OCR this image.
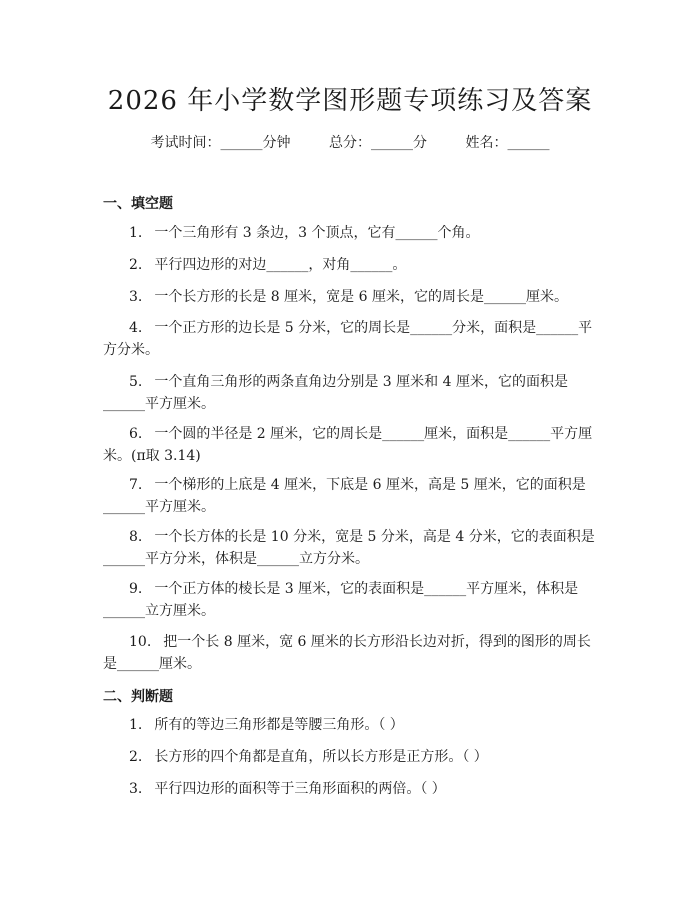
2026 年小学数学图形题专项练习及答案
考试时间：______分钟	总分：______分	姓名：______
一、填空题
1. 一个三角形有 3 条边，3 个顶点，它有______个角。
2. 平行四边形的对边______，对角______。
3. 一个长方形的长是 8 厘米，宽是 6 厘米，它的周长是______厘米。
4. 一个正方形的边长是 5 分米，它的周长是______分米，面积是______平方分米。
5. 一个直角三角形的两条直角边分别是 3 厘米和 4 厘米，它的面积是______平方厘米。
6. 一个圆的半径是 2 厘米，它的周长是______厘米，面积是______平方厘米。(π取 3.14)
7. 一个梯形的上底是 4 厘米，下底是 6 厘米，高是 5 厘米，它的面积是______平方厘米。
8. 一个长方体的长是 10 分米，宽是 5 分米，高是 4 分米，它的表面积是______平方分米，体积是______立方分米。
9. 一个正方体的棱长是 3 厘米，它的表面积是______平方厘米，体积是______立方厘米。
10. 把一个长 8 厘米，宽 6 厘米的长方形沿长边对折，得到的图形的周长是______厘米。
二、判断题
1. 所有的等边三角形都是等腰三角形。（ ）
2. 长方形的四个角都是直角，所以长方形是正方形。（ ）
3. 平行四边形的面积等于三角形面积的两倍。（ ）
